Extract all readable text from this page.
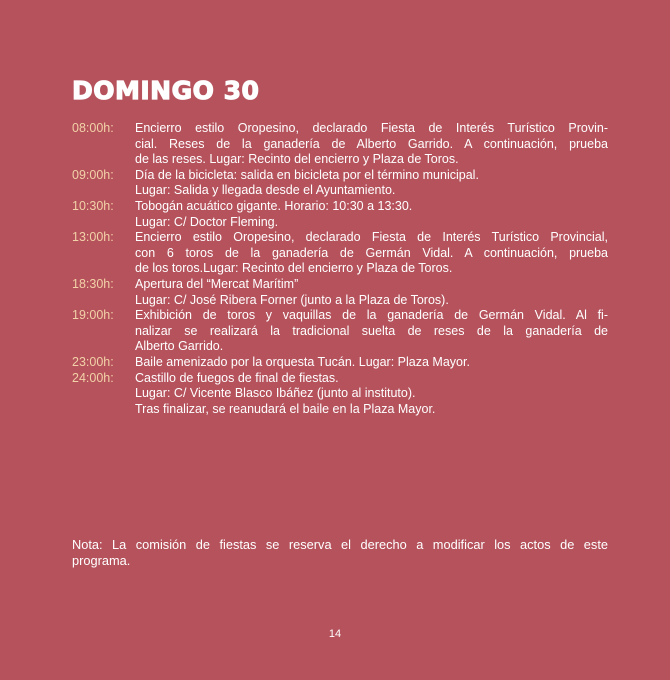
DOMINGO 30
08:00h:	Encierro estilo Oropesino, declarado Fiesta de Interés Turístico Provin-
cial. Reses de la ganadería de Alberto Garrido. A continuación, prueba
de las reses. Lugar: Recinto del encierro y Plaza de Toros.
09:00h:	Día de la bicicleta: salida en bicicleta por el término municipal.
Lugar: Salida y llegada desde el Ayuntamiento.
10:30h:	Tobogán acuático gigante. Horario: 10:30 a 13:30.
Lugar: C/ Doctor Fleming.
13:00h:	Encierro estilo Oropesino, declarado Fiesta de Interés Turístico Provincial,
con 6 toros de la ganadería de Germán Vidal. A continuación, prueba
de los toros.Lugar: Recinto del encierro y Plaza de Toros.
18:30h:	Apertura del “Mercat Marítim”
Lugar: C/ José Ribera Forner (junto a la Plaza de Toros).
19:00h:	Exhibición de toros y vaquillas de la ganadería de Germán Vidal. Al fi-
nalizar se realizará la tradicional suelta de reses de la ganadería de
Alberto Garrido.
23:00h:	Baile amenizado por la orquesta Tucán. Lugar: Plaza Mayor.
24:00h:	Castillo de fuegos de final de fiestas.
Lugar: C/ Vicente Blasco Ibáñez (junto al instituto).
Tras finalizar, se reanudará el baile en la Plaza Mayor.
Nota: La comisión de fiestas se reserva el derecho a modificar los actos de este
programa.
14
